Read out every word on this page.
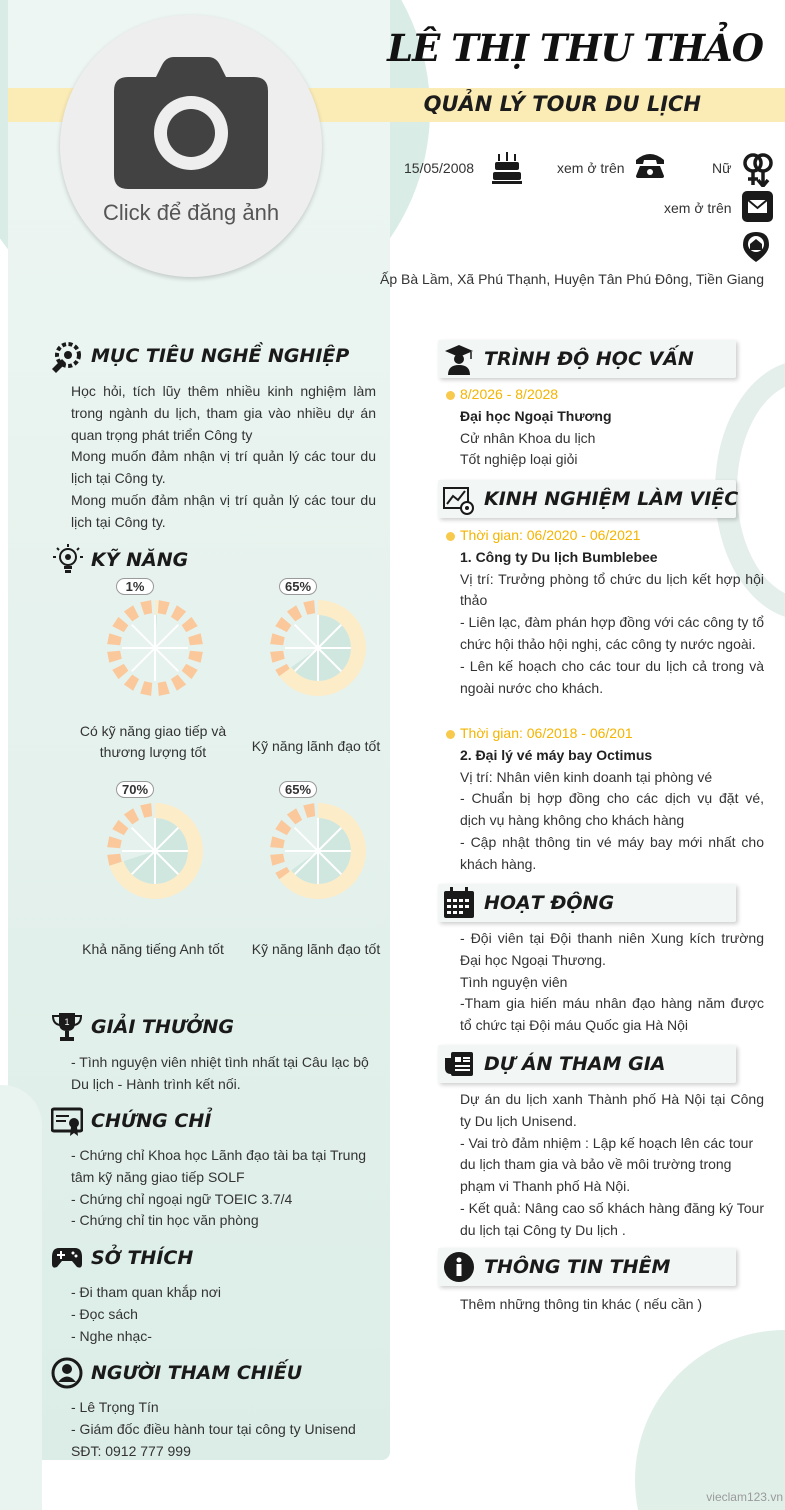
Click để đăng ảnh
LÊ THỊ THU THẢO
QUẢN LÝ TOUR DU LỊCH
15/05/2008	xem ở trên	Nữ
xem ở trên
Ấp Bà Lầm, Xã Phú Thạnh, Huyện Tân Phú Đông, Tiền Giang
MỤC TIÊU NGHỀ NGHIỆP
Học hỏi, tích lũy thêm nhiều kinh nghiệm làm trong ngành du lịch, tham gia vào nhiều dự án quan trọng phát triển Công ty
Mong muốn đảm nhận vị trí quản lý các tour du lịch tại Công ty.
Mong muốn đảm nhận vị trí quản lý các tour du lịch tại Công ty.
KỸ NĂNG
1%
Có kỹ năng giao tiếp và thương lượng tốt
65%
Kỹ năng lãnh đạo tốt
70%
Khả năng tiếng Anh tốt
65%
Kỹ năng lãnh đạo tốt
1 GIẢI THƯỞNG
- Tình nguyện viên nhiệt tình nhất tại Câu lạc bộ Du lịch - Hành trình kết nối.
CHỨNG CHỈ
- Chứng chỉ Khoa học Lãnh đạo tài ba tại Trung tâm kỹ năng giao tiếp SOLF
- Chứng chỉ ngoại ngữ TOEIC 3.7/4
- Chứng chỉ tin học văn phòng
SỞ THÍCH
- Đi tham quan khắp nơi
- Đọc sách
- Nghe nhạc-
NGƯỜI THAM CHIẾU
- Lê Trọng Tín
- Giám đốc điều hành tour tại công ty Unisend
SĐT: 0912 777 999
TRÌNH ĐỘ HỌC VẤN
8/2026 - 8/2028
Đại học Ngoại Thương
Cử nhân Khoa du lịch
Tốt nghiệp loại giỏi
KINH NGHIỆM LÀM VIỆC
Thời gian: 06/2020 - 06/2021
1. Công ty Du lịch Bumblebee
Vị trí: Trưởng phòng tổ chức du lịch kết hợp hội thảo
- Liên lạc, đàm phán hợp đồng với các công ty tổ chức hội thảo hội nghị, các công ty nước ngoài.
- Lên kế hoạch cho các tour du lịch cả trong và ngoài nước cho khách.
Thời gian: 06/2018 - 06/201
2. Đại lý vé máy bay Octimus
Vị trí: Nhân viên kinh doanh tại phòng vé
- Chuẩn bị hợp đồng cho các dịch vụ đặt vé, dịch vụ hàng không cho khách hàng
- Cập nhật thông tin vé máy bay mới nhất cho khách hàng.
HOẠT ĐỘNG
- Đội viên tại Đội thanh niên Xung kích trường Đại học Ngoại Thương.
Tình nguyện viên
-Tham gia hiến máu nhân đạo hàng năm được tổ chức tại Đội máu Quốc gia Hà Nội
DỰ ÁN THAM GIA
Dự án du lịch xanh Thành phố Hà Nội tại Công ty Du lịch Unisend.
- Vai trò đảm nhiệm : Lập kế hoạch lên các tour du lịch tham gia và bảo về môi trường trong phạm vi Thanh phố Hà Nội.
- Kết quả: Nâng cao số khách hàng đăng ký Tour du lịch tại Công ty Du lịch .
THÔNG TIN THÊM
Thêm những thông tin khác ( nếu cần )
vieclam123.vn
